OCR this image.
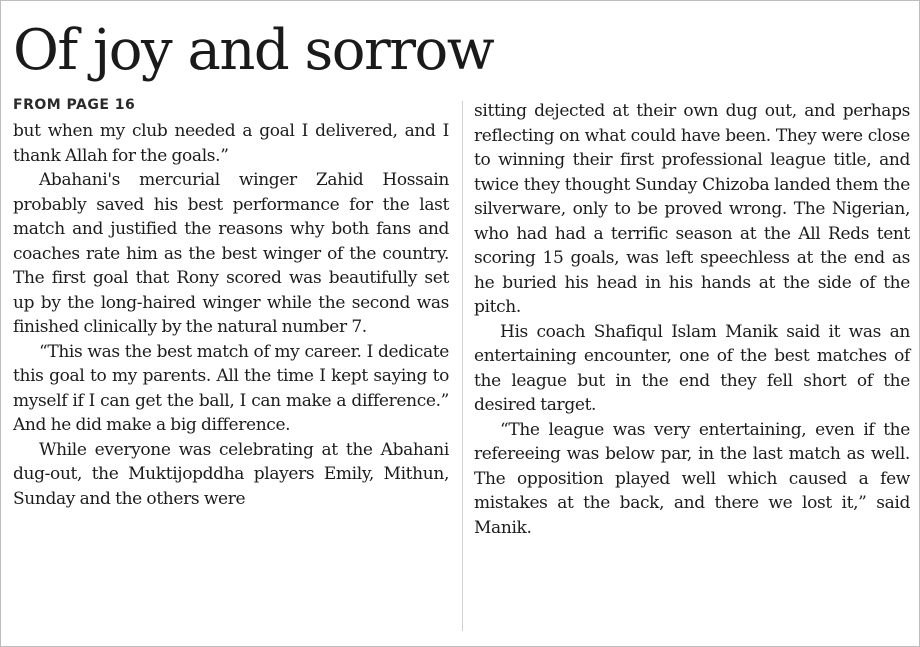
Of joy and sorrow
FROM PAGE 16

but when my club needed a goal I delivered, and I thank Allah for the goals.”

Abahani's mercurial winger Zahid Hossain probably saved his best performance for the last match and justified the reasons why both fans and coaches rate him as the best winger of the country. The first goal that Rony scored was beautifully set up by the long-haired winger while the second was finished clinically by the natural number 7.

“This was the best match of my career. I dedicate this goal to my parents. All the time I kept saying to myself if I can get the ball, I can make a difference.” And he did make a big difference.

While everyone was celebrating at the Abahani dug-out, the Muktijopddha players Emily, Mithun, Sunday and the others were

sitting dejected at their own dug out, and perhaps reflecting on what could have been. They were close to winning their first professional league title, and twice they thought Sunday Chizoba landed them the silverware, only to be proved wrong. The Nigerian, who had had a terrific season at the All Reds tent scoring 15 goals, was left speechless at the end as he buried his head in his hands at the side of the pitch.

His coach Shafiqul Islam Manik said it was an entertaining encounter, one of the best matches of the league but in the end they fell short of the desired target.

“The league was very entertaining, even if the refereeing was below par, in the last match as well. The opposition played well which caused a few mistakes at the back, and there we lost it,” said Manik.
